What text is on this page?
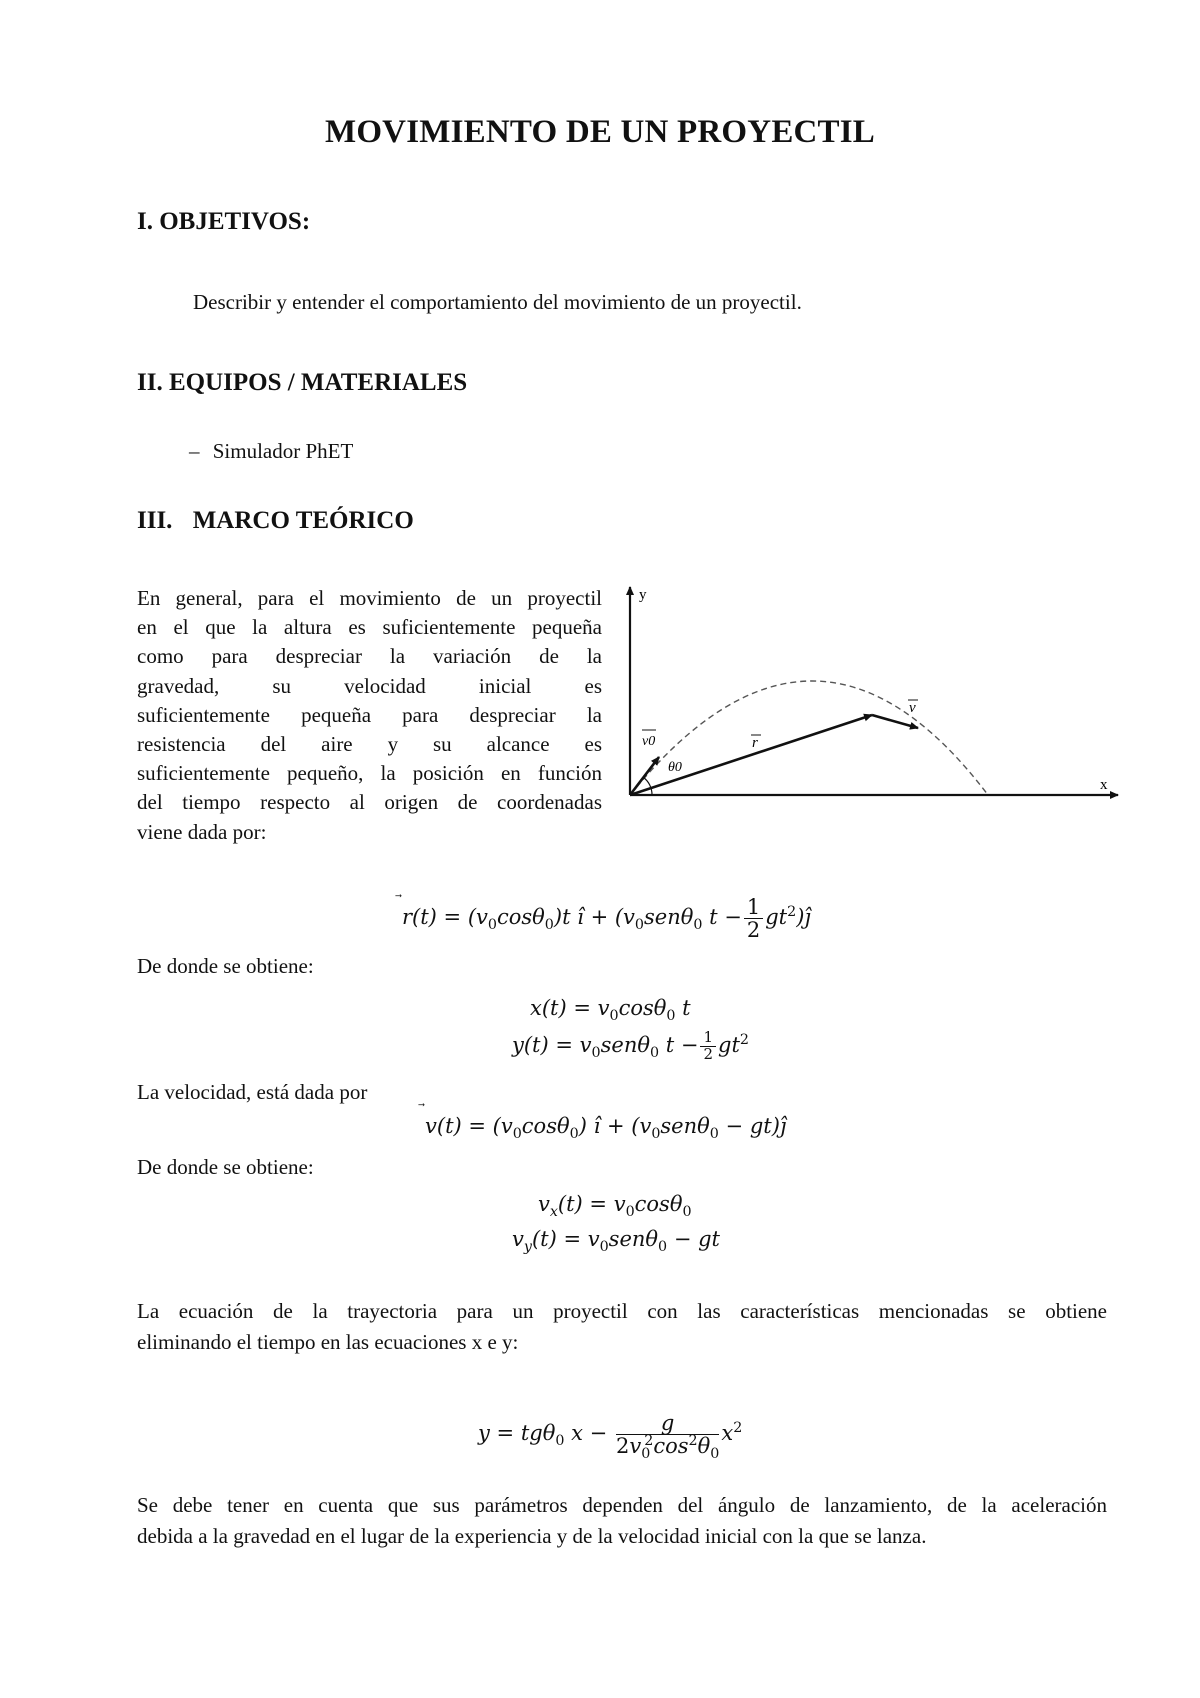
MOVIMIENTO DE UN PROYECTIL
I. OBJETIVOS:
Describir y entender el comportamiento del movimiento de un proyectil.
II. EQUIPOS / MATERIALES
– Simulador PhET
III. MARCO TEÓRICO
En general, para el movimiento de un proyectil
en el que la altura es suficientemente pequeña
como para despreciar la variación de la
gravedad, su velocidad inicial es
suficientemente pequeña para despreciar la
resistencia del aire y su alcance es
suficientemente pequeño, la posición en función
del tiempo respecto al origen de coordenadas
viene dada por:
y
x
r
v
v0
θ0
r
$(t) = (v_0\cos\theta_0)t$ î + ($v_0sen\theta_0$ $t - \frac{1}{2}$ $gt^2)ĵ$
De donde se obtiene:
$x(t) = v_0\cos\theta_0$ t
$y(t) = v_0sen\theta_0$ $t - \frac{1}{2} gt^2$
La velocidad, está dada por
v
$(t) = (v_0\cos\theta_0)$ î + ($v_0sen\theta_0$ − gt)ĵ
De donde se obtiene:
$v_x(t) = v_0\cos\theta_0$
$v_y(t) = v_0sen\theta_0$ − gt
La ecuación de la trayectoria para un proyectil con las características mencionadas se obtiene
eliminando el tiempo en las ecuaciones x e y:
y = tgθ$_0$ $x - \frac{g}{2v_0^2\cos^2\theta_0} x^2$
Se debe tener en cuenta que sus parámetros dependen del ángulo de lanzamiento, de la aceleración
debida a la gravedad en el lugar de la experiencia y de la velocidad inicial con la que se lanza.
